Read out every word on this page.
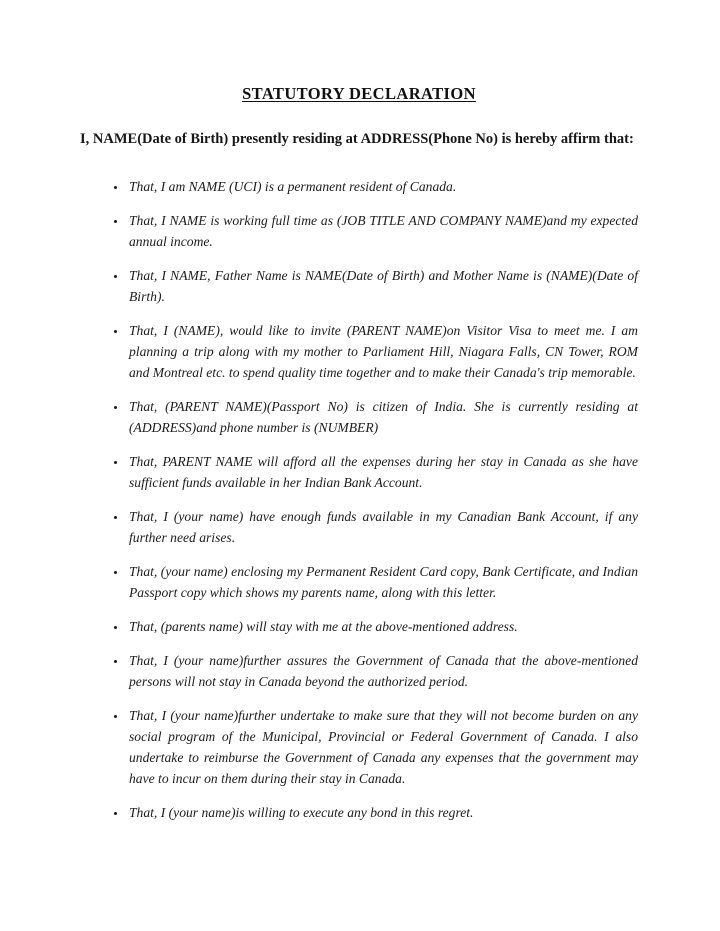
STATUTORY DECLARATION

I, NAME(Date of Birth) presently residing at ADDRESS(Phone No) is hereby affirm that:

• That, I am NAME (UCI) is a permanent resident of Canada.
• That, I NAME is working full time as (JOB TITLE AND COMPANY NAME)and my expected annual income.
• That, I NAME, Father Name is NAME(Date of Birth) and Mother Name is (NAME)(Date of Birth).
• That, I (NAME), would like to invite (PARENT NAME)on Visitor Visa to meet me. I am planning a trip along with my mother to Parliament Hill, Niagara Falls, CN Tower, ROM and Montreal etc. to spend quality time together and to make their Canada's trip memorable.
• That, (PARENT NAME)(Passport No) is citizen of India. She is currently residing at (ADDRESS)and phone number is (NUMBER)
• That, PARENT NAME will afford all the expenses during her stay in Canada as she have sufficient funds available in her Indian Bank Account.
• That, I (your name) have enough funds available in my Canadian Bank Account, if any further need arises.
• That, (your name) enclosing my Permanent Resident Card copy, Bank Certificate, and Indian Passport copy which shows my parents name, along with this letter.
• That, (parents name) will stay with me at the above-mentioned address.
• That, I (your name)further assures the Government of Canada that the above-mentioned persons will not stay in Canada beyond the authorized period.
• That, I (your name)further undertake to make sure that they will not become burden on any social program of the Municipal, Provincial or Federal Government of Canada. I also undertake to reimburse the Government of Canada any expenses that the government may have to incur on them during their stay in Canada.
• That, I (your name)is willing to execute any bond in this regret.
